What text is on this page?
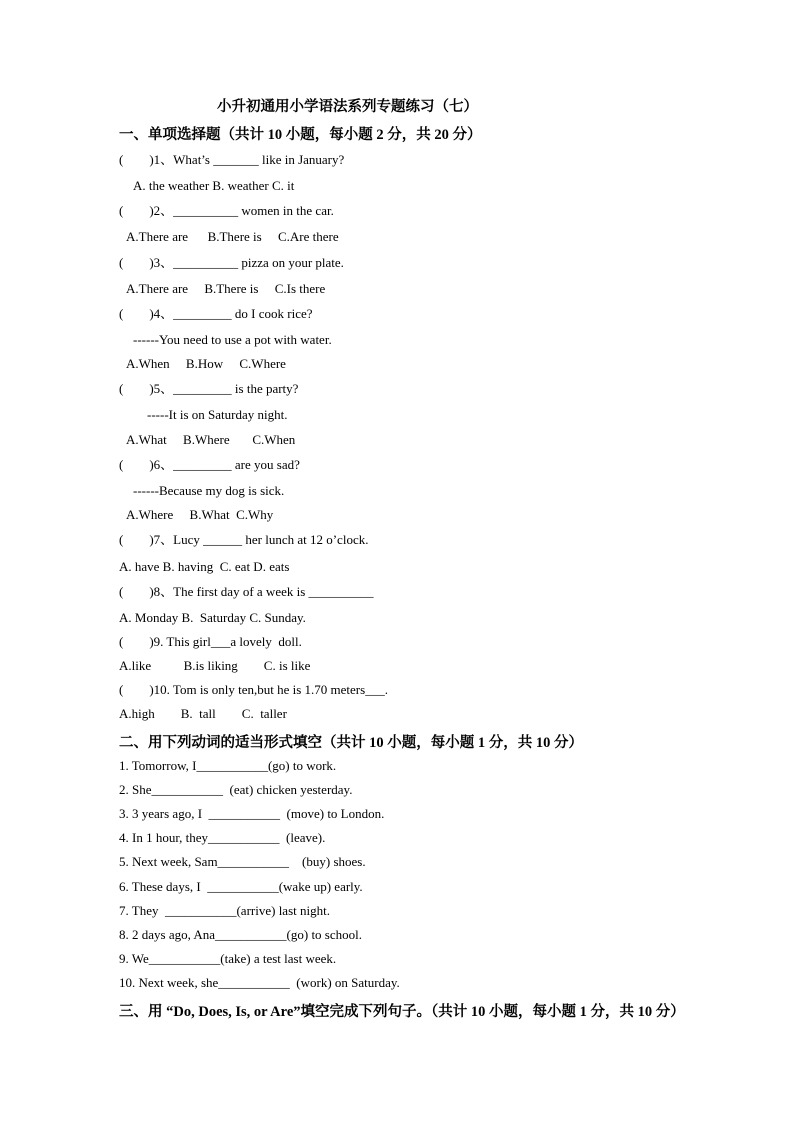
小升初通用小学语法系列专题练习（七）
一、单项选择题（共计 10 小题，每小题 2 分，共 20 分）
(        )1、What’s _______ like in January?
A. the weather B. weather C. it
(        )2、__________ women in the car.
A.There are      B.There is     C.Are there
(        )3、__________ pizza on your plate.
A.There are     B.There is     C.Is there
(        )4、_________ do I cook rice?
------You need to use a pot with water.
A.When     B.How     C.Where
(        )5、_________ is the party?
-----It is on Saturday night.
A.What     B.Where       C.When
(        )6、_________ are you sad?
------Because my dog is sick.
A.Where     B.What  C.Why
(        )7、Lucy ______ her lunch at 12 o’clock.
A. have B. having  C. eat D. eats
(        )8、The first day of a week is __________
A. Monday B.  Saturday C. Sunday.
(        )9. This girl___a lovely  doll.
A.like          B.is liking        C. is like
(        )10. Tom is only ten,but he is 1.70 meters___.
A.high        B.  tall        C.  taller
二、用下列动词的适当形式填空（共计 10 小题，每小题 1 分，共 10 分）
1. Tomorrow, I___________(go) to work.
2. She___________  (eat) chicken yesterday.
3. 3 years ago, I  ___________  (move) to London.
4. In 1 hour, they___________  (leave).
5. Next week, Sam___________    (buy) shoes.
6. These days, I  ___________(wake up) early.
7. They  ___________(arrive) last night.
8. 2 days ago, Ana___________(go) to school.
9. We___________(take) a test last week.
10. Next week, she___________  (work) on Saturday.
三、用 “Do, Does, Is, or Are”填空完成下列句子。（共计 10 小题，每小题 1 分，共 10 分）
